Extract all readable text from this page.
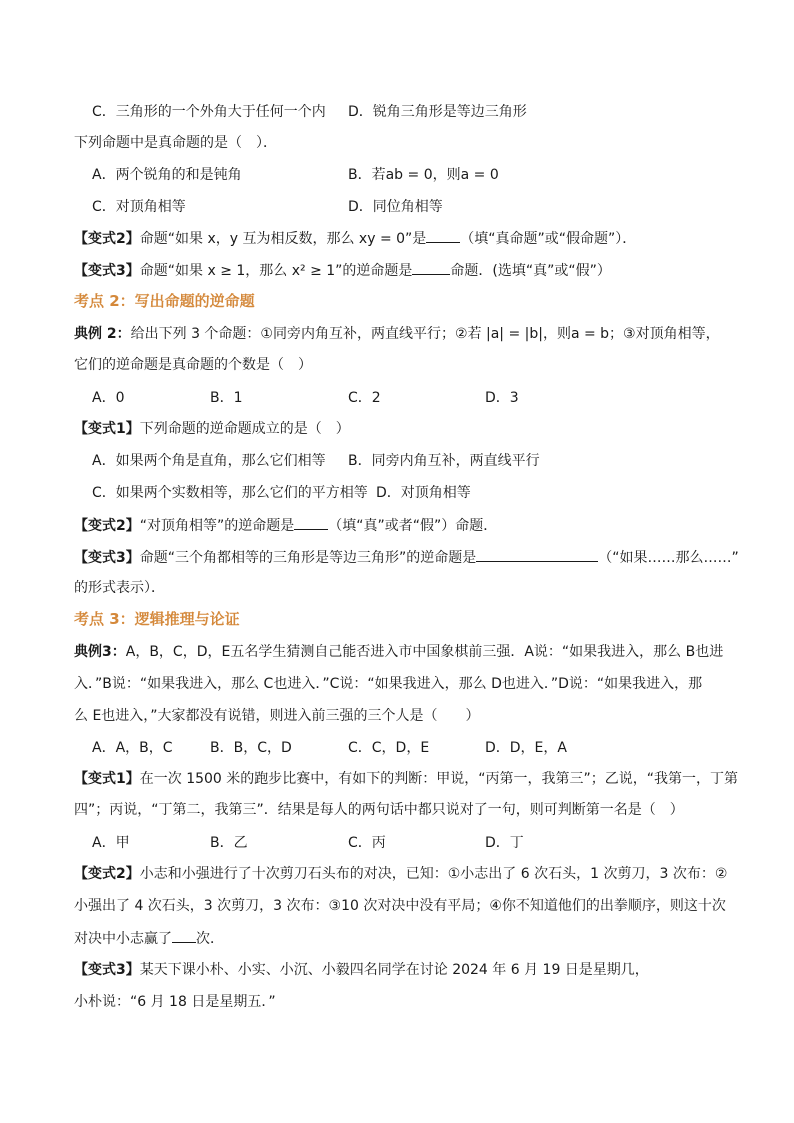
C．三角形的一个外角大于任何一个内 D．锐角三角形是等边三角形
下列命题中是真命题的是（　）．
A．两个锐角的和是钝角	B．若ab = 0，则a = 0
C．对顶角相等	D．同位角相等
【变式2】命题“如果 x，y 互为相反数，那么 xy = 0”是 （填“真命题”或“假命题”）．
【变式3】命题“如果 x ≥ 1，那么 x² ≥ 1”的逆命题是	命题．(选填“真”或“假”）
考点 2：写出命题的逆命题
典例 2：给出下列 3 个命题：①同旁内角互补，两直线平行；②若 |a| = |b|，则a = b；③对顶角相等，
它们的逆命题是真命题的个数是（　）
A．0	B．1	C．2	D．3
【变式1】下列命题的逆命题成立的是（　）
A．如果两个角是直角，那么它们相等 B．同旁内角互补，两直线平行
C．如果两个实数相等，那么它们的平方相等 D．对顶角相等
【变式2】“对顶角相等”的逆命题是 （填“真”或者“假”）命题．
【变式3】命题“三个角都相等的三角形是等边三角形”的逆命题是	（“如果……那么……”
的形式表示）．
考点 3：逻辑推理与论证
典例3：A，B，C，D，E五名学生猜测自己能否进入市中国象棋前三强．A说：“如果我进入，那么 B也进
入．”B说：“如果我进入，那么 C也进入．”C说：“如果我进入，那么 D也进入．”D说：“如果我进入，那
么 E也进入，”大家都没有说错，则进入前三强的三个人是（　　）
A．A，B，C	B．B，C，D	C．C，D，E	D．D，E，A
【变式1】在一次 1500 米的跑步比赛中，有如下的判断：甲说，“丙第一，我第三”；乙说，“我第一，丁第
四”；丙说，“丁第二，我第三”．结果是每人的两句话中都只说对了一句，则可判断第一名是（　）
A．甲	B．乙	C．丙	D．丁
【变式2】小志和小强进行了十次剪刀石头布的对决，已知：①小志出了 6 次石头，1 次剪刀，3 次布：②
小强出了 4 次石头，3 次剪刀，3 次布：③10 次对决中没有平局；④你不知道他们的出拳顺序，则这十次
对决中小志赢了 次．
【变式3】某天下课小朴、小实、小沉、小毅四名同学在讨论 2024 年 6 月 19 日是星期几，
小朴说：“6 月 18 日是星期五．”
